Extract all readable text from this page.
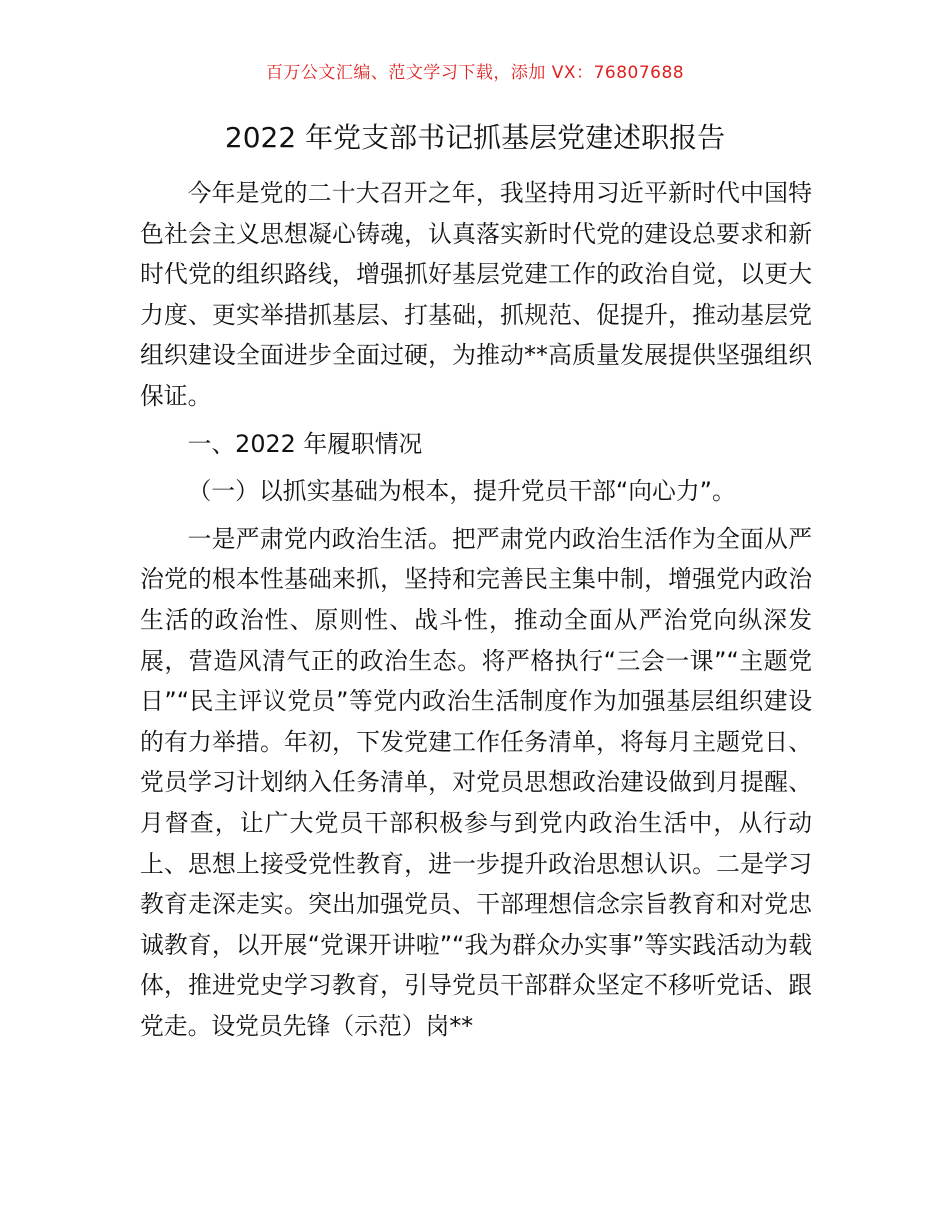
百万公文汇编、范文学习下载，添加 VX：76807688
2022 年党支部书记抓基层党建述职报告

今年是党的二十大召开之年，我坚持用习近平新时代中国特色社会主义思想凝心铸魂，认真落实新时代党的建设总要求和新时代党的组织路线，增强抓好基层党建工作的政治自觉，以更大力度、更实举措抓基层、打基础，抓规范、促提升，推动基层党组织建设全面进步全面过硬，为推动**高质量发展提供坚强组织保证。

一、2022 年履职情况

（一）以抓实基础为根本，提升党员干部“向心力”。

一是严肃党内政治生活。把严肃党内政治生活作为全面从严治党的根本性基础来抓，坚持和完善民主集中制，增强党内政治生活的政治性、原则性、战斗性，推动全面从严治党向纵深发展，营造风清气正的政治生态。将严格执行“三会一课”“主题党日”“民主评议党员”等党内政治生活制度作为加强基层组织建设的有力举措。年初，下发党建工作任务清单，将每月主题党日、党员学习计划纳入任务清单，对党员思想政治建设做到月提醒、月督查，让广大党员干部积极参与到党内政治生活中，从行动上、思想上接受党性教育，进一步提升政治思想认识。二是学习教育走深走实。突出加强党员、干部理想信念宗旨教育和对党忠诚教育，以开展“党课开讲啦”“我为群众办实事”等实践活动为载体，推进党史学习教育，引导党员干部群众坚定不移听党话、跟党走。设党员先锋（示范）岗**
